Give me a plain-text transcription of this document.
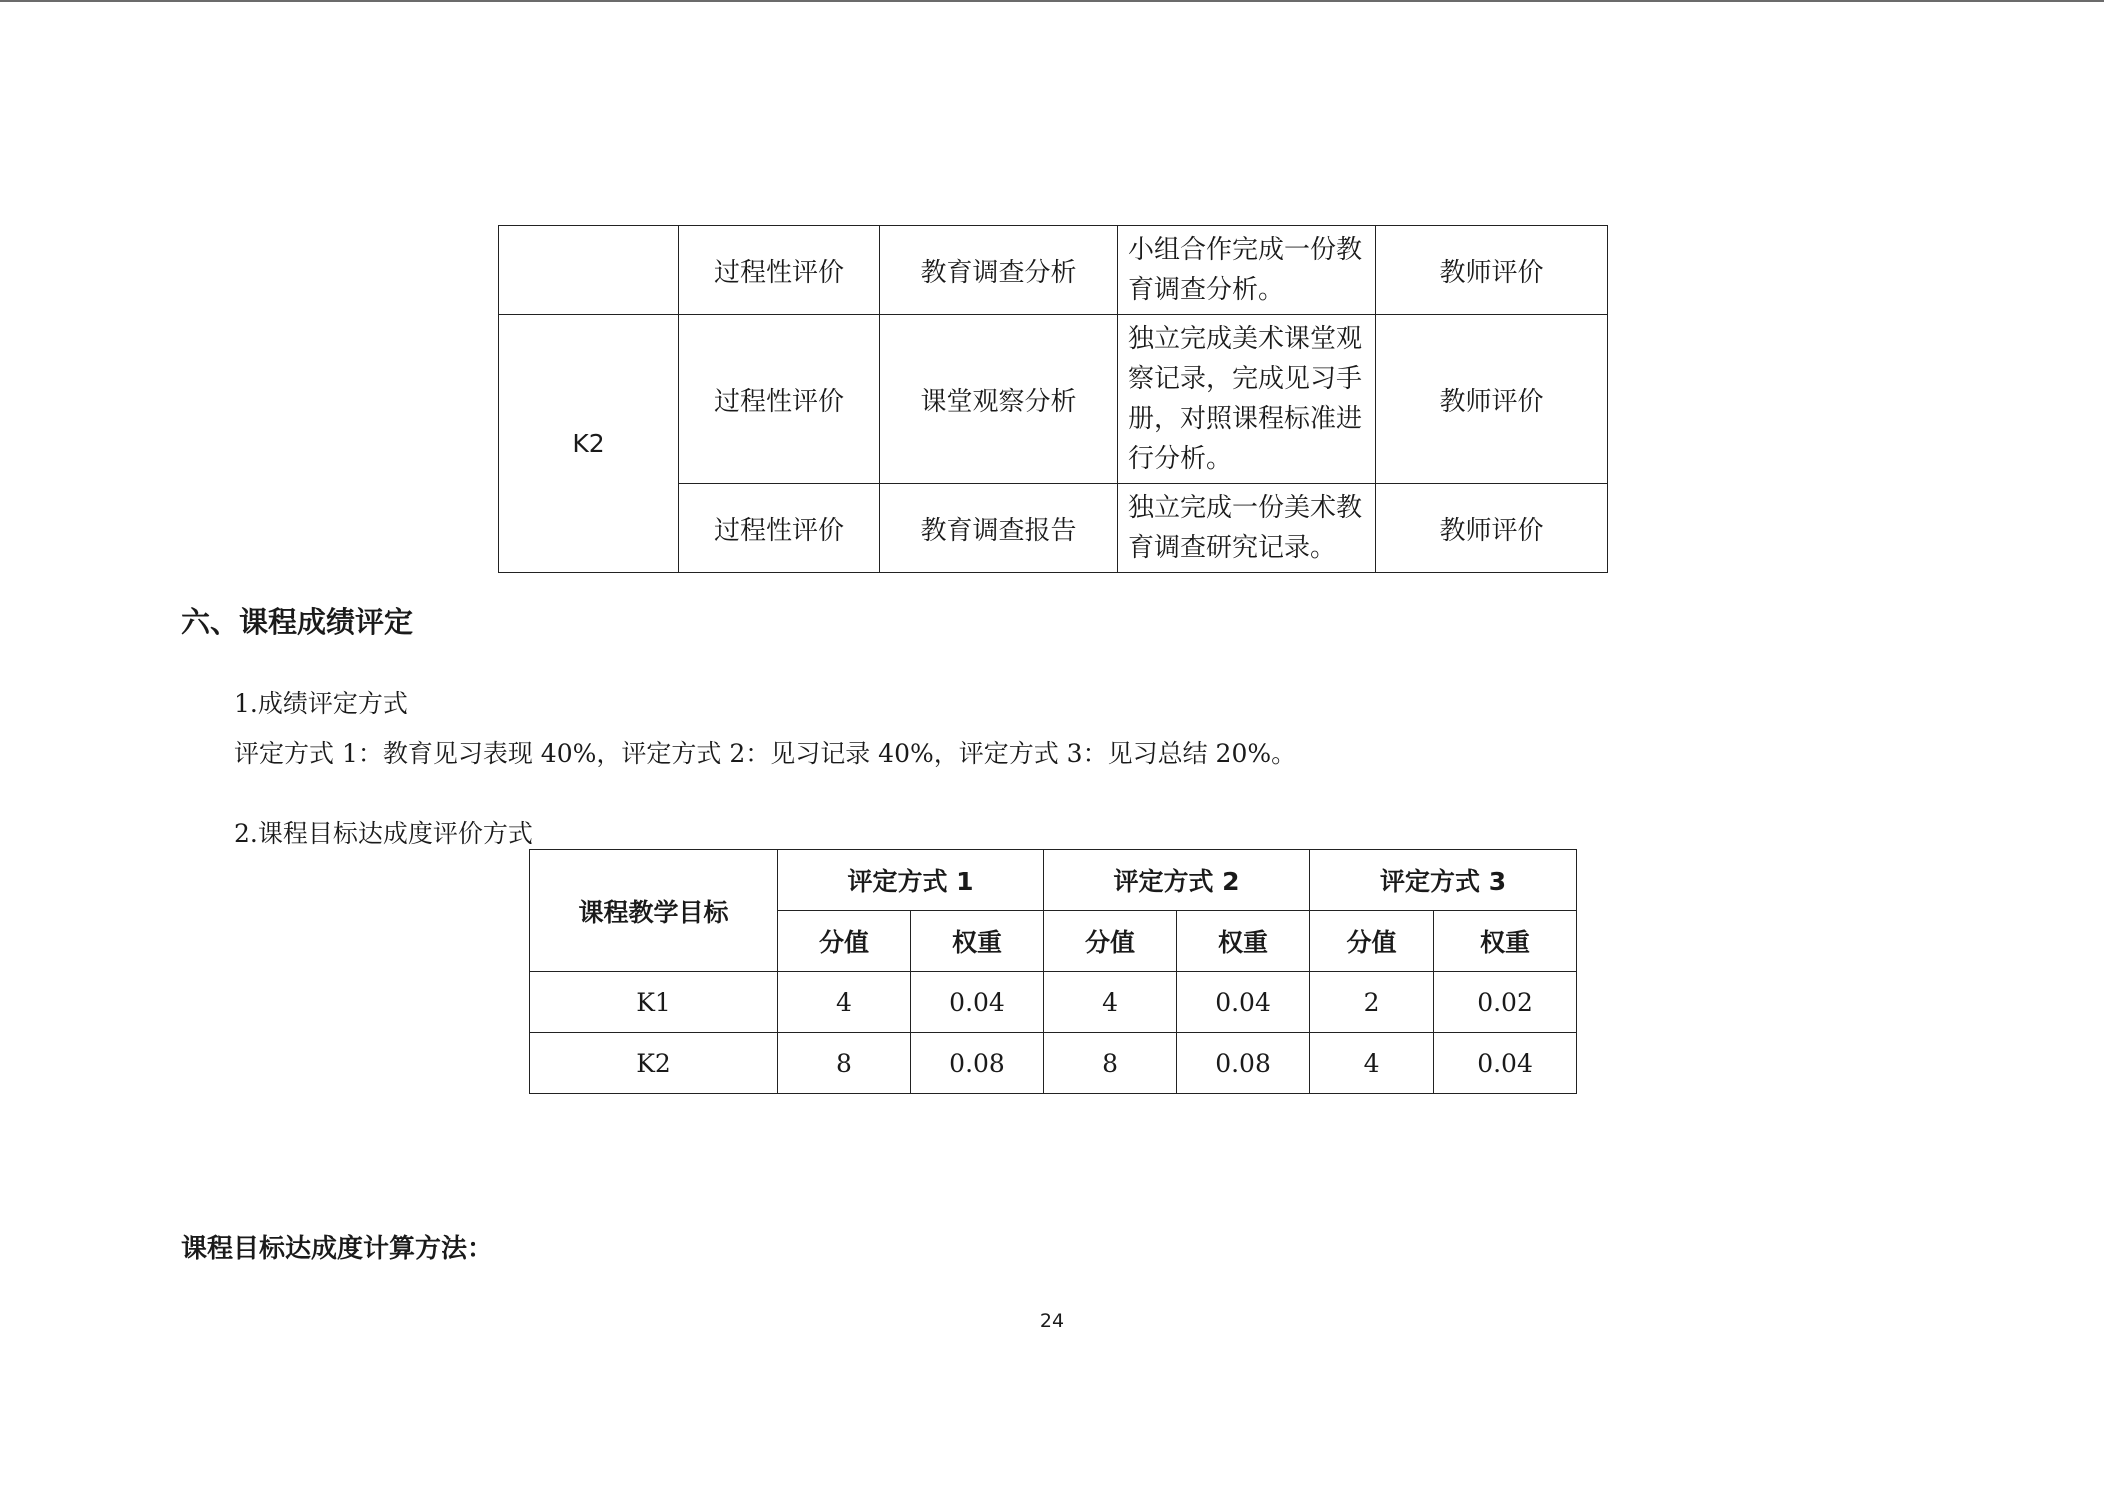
	过程性评价	教育调查分析	小组合作完成一份教育调查分析。	教师评价
K2	过程性评价	课堂观察分析	独立完成美术课堂观察记录，完成见习手册，对照课程标准进行分析。	教师评价
	过程性评价	教育调查报告	独立完成一份美术教育调查研究记录。	教师评价
六、课程成绩评定

1.成绩评定方式

评定方式 1：教育见习表现 40%，评定方式 2：见习记录 40%，评定方式 3：见习总结 20%。

2.课程目标达成度评价方式

课程教学目标	评定方式 1		评定方式 2		评定方式 3	
	分值	权重	分值	权重	分值	权重
K1	4	0.04	4	0.04	2	0.02
K2	8	0.08	8	0.08	4	0.04

课程目标达成度计算方法：

24
